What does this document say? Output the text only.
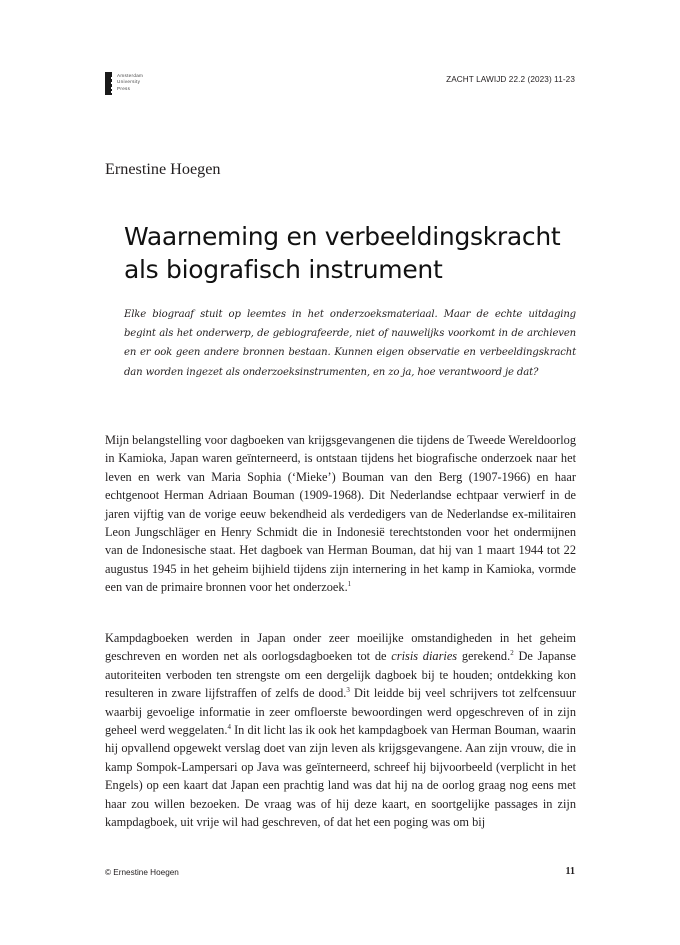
Amsterdam
University
Press
ZACHT LAWIJD 22.2 (2023) 11-23
Ernestine Hoegen
Waarneming en verbeeldingskracht
als biografisch instrument

Elke biograaf stuit op leemtes in het onderzoeksmateriaal. Maar de echte uitdaging begint als het onderwerp, de gebiografeerde, niet of nauwelijks voorkomt in de archieven en er ook geen andere bronnen bestaan. Kunnen eigen observatie en verbeeldingskracht dan worden ingezet als onderzoeksinstrumenten, en zo ja, hoe verantwoord je dat?

Mijn belangstelling voor dagboeken van krijgsgevangenen die tijdens de Tweede Wereldoorlog in Kamioka, Japan waren geïnterneerd, is ontstaan tijdens het biografische onderzoek naar het leven en werk van Maria Sophia (‘Mieke’) Bouman van den Berg (1907-1966) en haar echtgenoot Herman Adriaan Bouman (1909-1968). Dit Nederlandse echtpaar verwierf in de jaren vijftig van de vorige eeuw bekendheid als verdedigers van de Nederlandse ex-militairen Leon Jungschläger en Henry Schmidt die in Indonesië terechtstonden voor het ondermijnen van de Indonesische staat. Het dagboek van Herman Bouman, dat hij van 1 maart 1944 tot 22 augustus 1945 in het geheim bijhield tijdens zijn internering in het kamp in Kamioka, vormde een van de primaire bronnen voor het onderzoek.$^1$

Kampdagboeken werden in Japan onder zeer moeilijke omstandigheden in het geheim geschreven en worden net als oorlogsdagboeken tot de crisis diaries gerekend.$^2$ De Japanse autoriteiten verboden ten strengste om een dergelijk dagboek bij te houden; ontdekking kon resulteren in zware lijfstraffen of zelfs de dood.$^3$ Dit leidde bij veel schrijvers tot zelfcensuur waarbij gevoelige informatie in zeer omfloerste bewoordingen werd opgeschreven of in zijn geheel werd weggelaten.$^4$ In dit licht las ik ook het kampdagboek van Herman Bouman, waarin hij opvallend opgewekt verslag doet van zijn leven als krijgsgevangene. Aan zijn vrouw, die in kamp Sompok-Lampersari op Java was geïnterneerd, schreef hij bijvoorbeeld (verplicht in het Engels) op een kaart dat Japan een prachtig land was dat hij na de oorlog graag nog eens met haar zou willen bezoeken. De vraag was of hij deze kaart, en soortgelijke passages in zijn kampdagboek, uit vrije wil had geschreven, of dat het een poging was om bij

© Ernestine Hoegen	11
